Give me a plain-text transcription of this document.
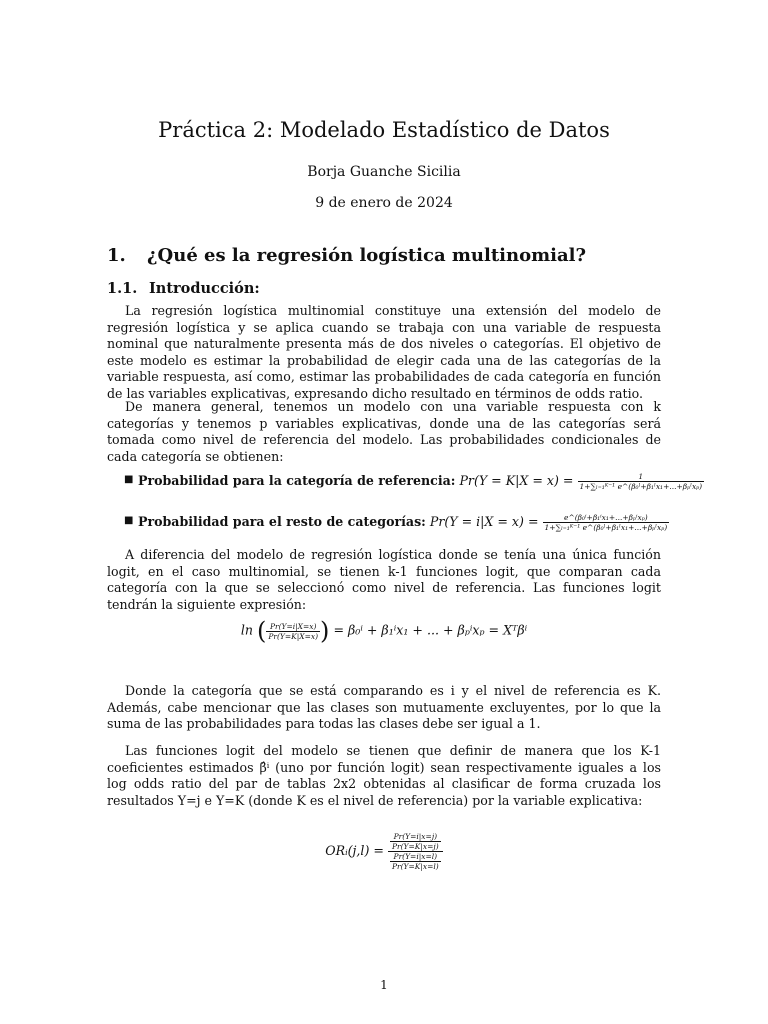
Práctica 2: Modelado Estadístico de Datos
Borja Guanche Sicilia
9 de enero de 2024
1. ¿Qué es la regresión logística multinomial?
1.1. Introducción:

La regresión logística multinomial constituye una extensión del modelo de regresión logística y se aplica cuando se trabaja con una variable de respuesta nominal que naturalmente presenta más de dos niveles o categorías. El objetivo de este modelo es estimar la probabilidad de elegir cada una de las categorías de la variable respuesta, así como, estimar las probabilidades de cada categoría en función de las variables explicativas, expresando dicho resultado en términos de odds ratio.

De manera general, tenemos un modelo con una variable respuesta con k categorías y tenemos p variables explicativas, donde una de las categorías será tomada como nivel de referencia del modelo. Las probabilidades condicionales de cada categoría se obtienen:

■ Probabilidad para la categoría de referencia: $Pr(Y = K|X = x) = \frac{1}{\text{1+∑ₗ₌₁ᴷ⁻¹ e\textasciicircum{}(β₀ˡ+β₁ˡx₁+...+βₚˡxₚ)}}$
■ Probabilidad para el resto de categorías: $Pr(Y = i|X = x) = \frac{\text{e\textasciicircum{}(β₀ⁱ+β₁ⁱx₁+...+βₚⁱxₚ)}}{\text{1+∑ₗ₌₁ᴷ⁻¹ e\textasciicircum{}(β₀ˡ+β₁ˡx₁+...+βₚˡxₚ)}}$

A diferencia del modelo de regresión logística donde se tenía una única función logit, en el caso multinomial, se tienen k-1 funciones logit, que comparan cada categoría con la que se seleccionó como nivel de referencia. Las funciones logit tendrán la siguiente expresión:

ln ( $\frac{Pr(Y=i|X=x)}{Pr(Y=K|X=x)}$ ) = β₀ⁱ + β₁ⁱx₁ + ... + βₚⁱxₚ = Xᵀβⁱ

Donde la categoría que se está comparando es i y el nivel de referencia es K. Además, cabe mencionar que las clases son mutuamente excluyentes, por lo que la suma de las probabilidades para todas las clases debe ser igual a 1.

Las funciones logit del modelo se tienen que definir de manera que los K-1 coeficientes estimados β̂ⁱ (uno por función logit) sean respectivamente iguales a los log odds ratio del par de tablas 2x2 obtenidas al clasificar de forma cruzada los resultados Y=j e Y=K (donde K es el nivel de referencia) por la variable explicativa:

ORᵢ(j,l) = $\frac{\frac{Pr(Y=i|x=j)}{Pr(Y=K|x=j)}}{\frac{Pr(Y=i|x=l)}{Pr(Y=K|x=l)}}$
1
